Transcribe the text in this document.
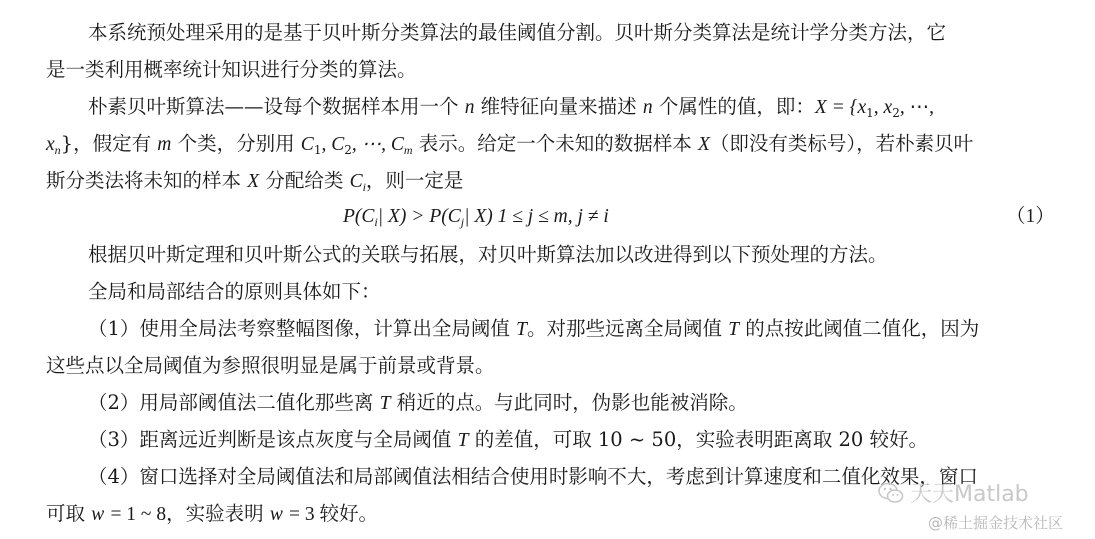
本系统预处理采用的是基于贝叶斯分类算法的最佳阈值分割。贝叶斯分类算法是统计学分类方法，它
是一类利用概率统计知识进行分类的算法。
朴素贝叶斯算法——设每个数据样本用一个 n 维特征向量来描述 n 个属性的值，即：$X = \{x_1$, $x_2$, ⋯,
$x_n$}，假定有 m 个类，分别用 $C_1$, $C_2$, ⋯, $C_m$ 表示。给定一个未知的数据样本 X（即没有类标号），若朴素贝叶
斯分类法将未知的样本 X 分配给类 $C_i$，则一定是
$P(C_i|$ $X) > P(C_j|$ X) 1 ≤ j ≤ m, j ≠ i	（1）
根据贝叶斯定理和贝叶斯公式的关联与拓展，对贝叶斯算法加以改进得到以下预处理的方法。
全局和局部结合的原则具体如下：
（1）使用全局法考察整幅图像，计算出全局阈值 T。对那些远离全局阈值 T 的点按此阈值二值化，因为
这些点以全局阈值为参照很明显是属于前景或背景。
（2）用局部阈值法二值化那些离 T 稍近的点。与此同时，伪影也能被消除。
（3）距离远近判断是该点灰度与全局阈值 T 的差值，可取 10 ~ 50，实验表明距离取 20 较好。
（4）窗口选择对全局阈值法和局部阈值法相结合使用时影响不大，考虑到计算速度和二值化效果，窗口
可取 w = 1 ~ 8，实验表明 w = 3 较好。
天天Matlab
@稀土掘金技术社区
